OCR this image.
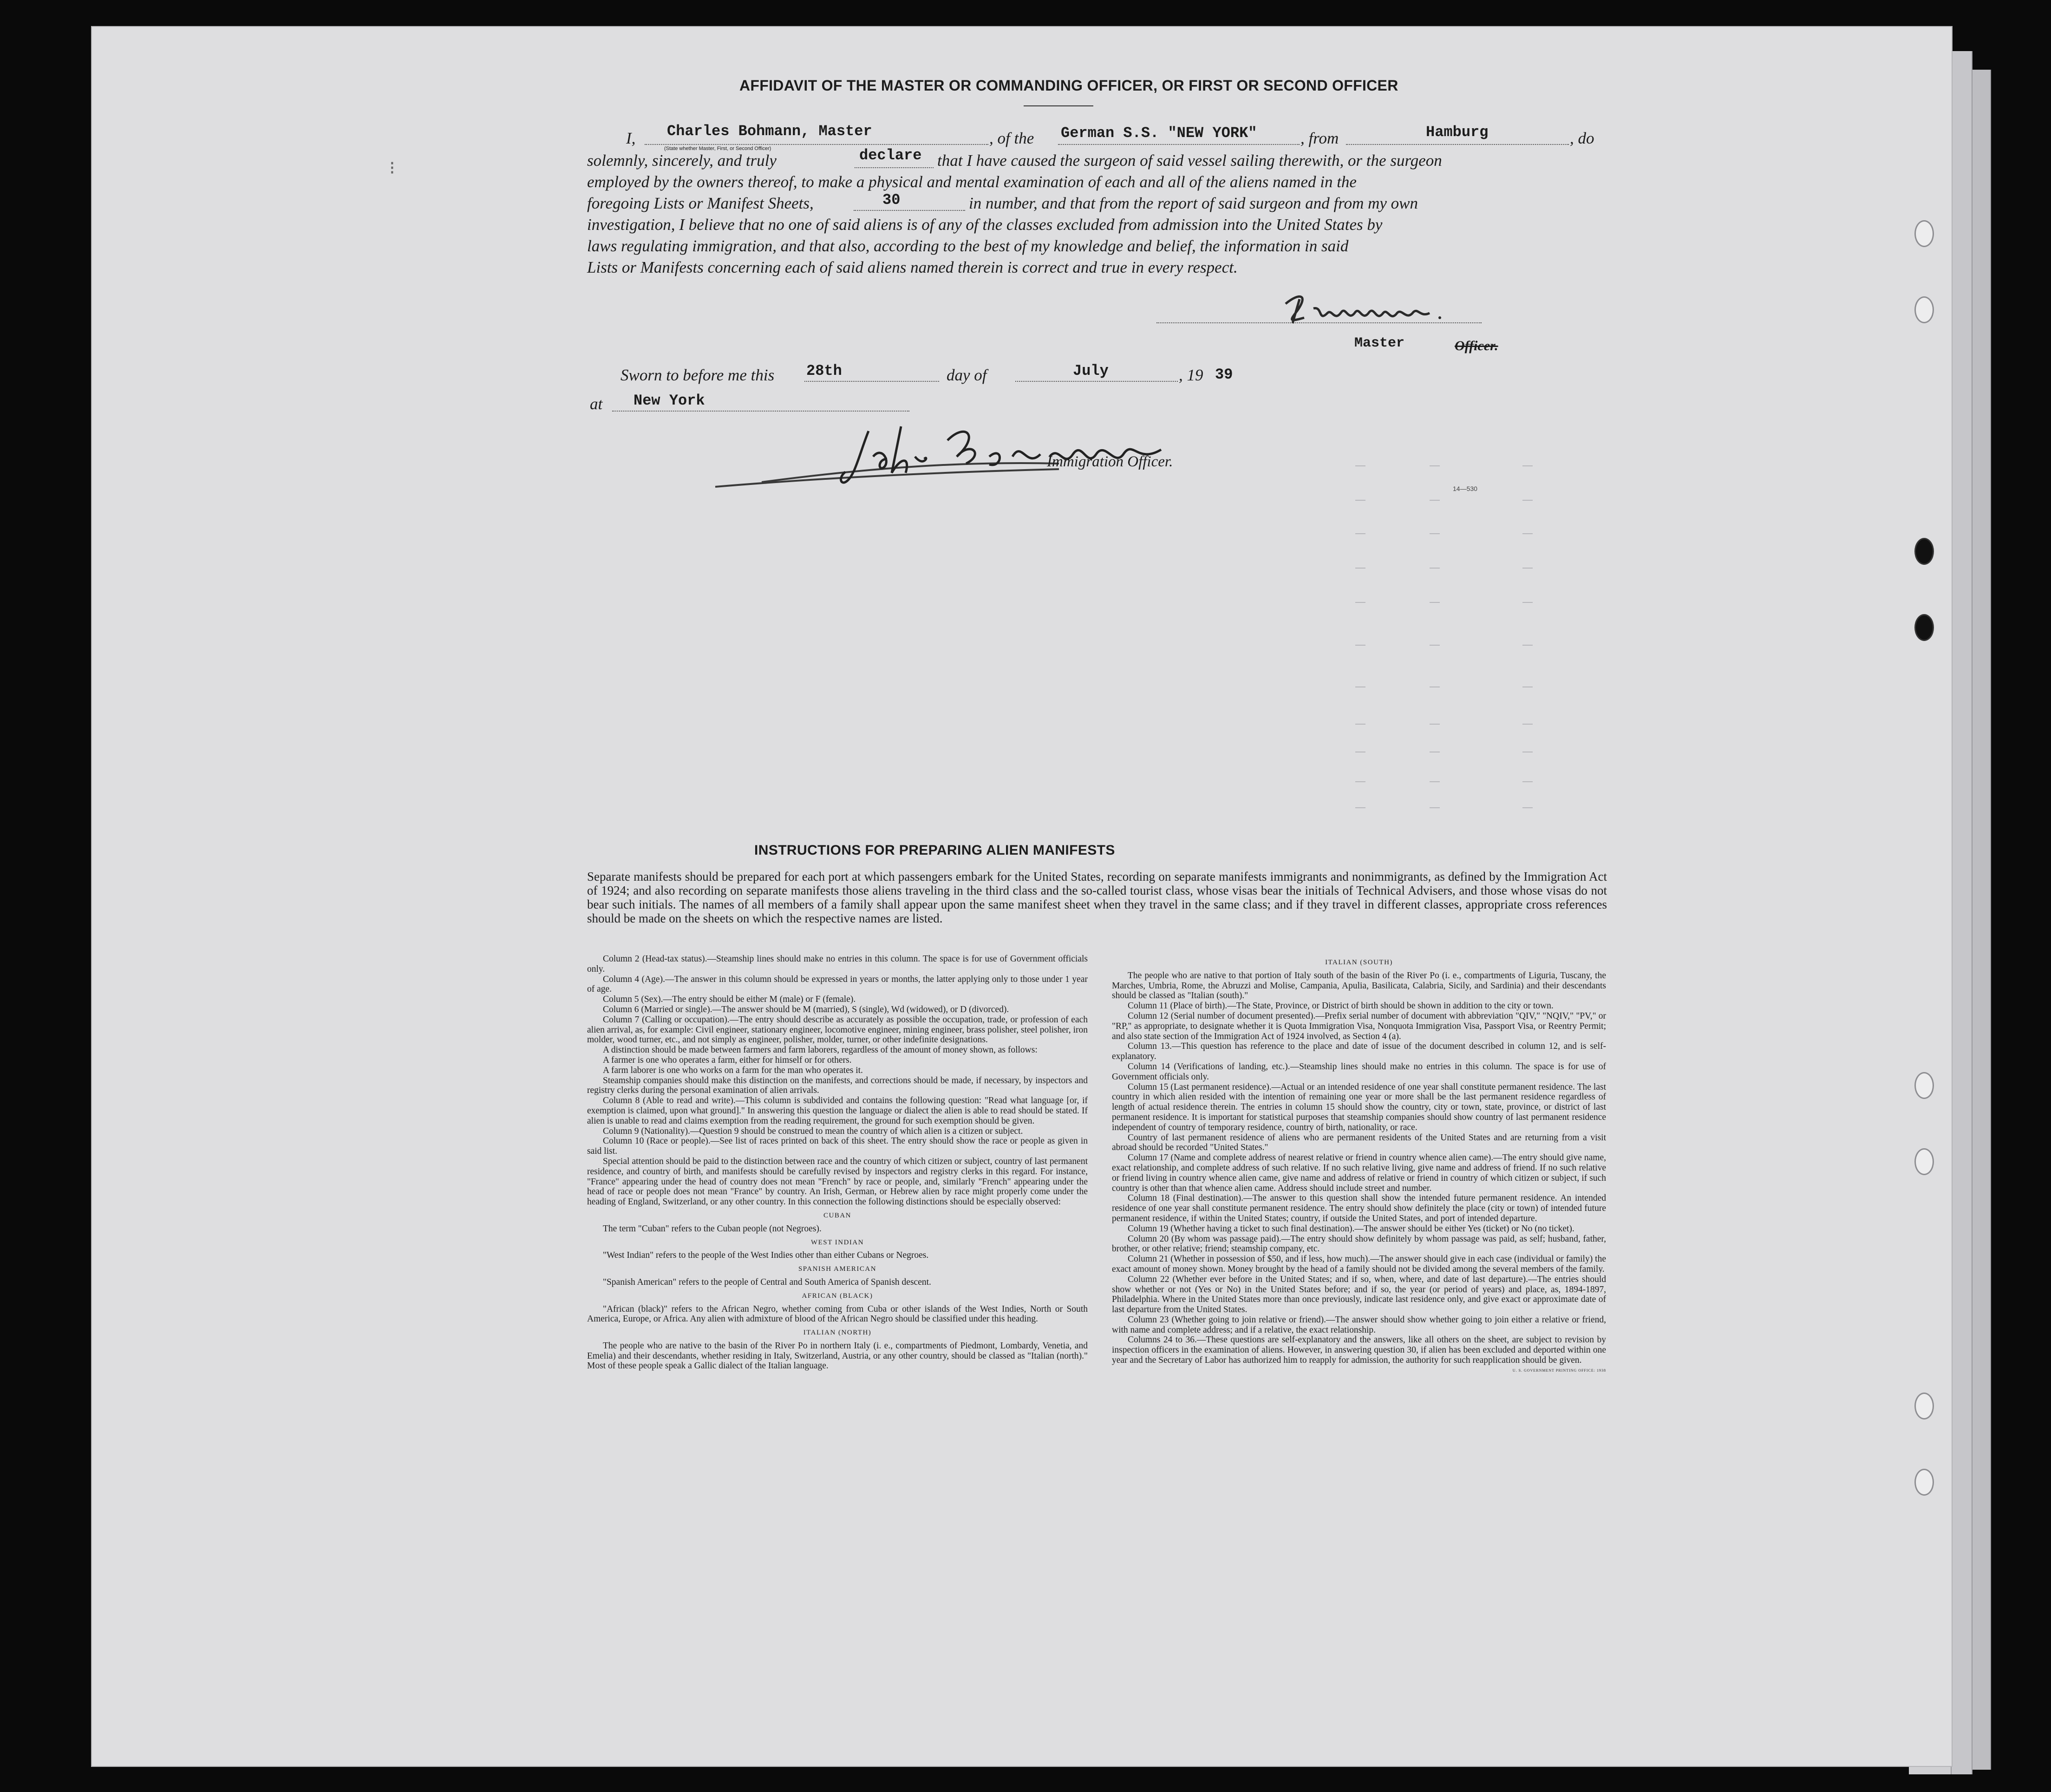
⁝
AFFIDAVIT OF THE MASTER OR COMMANDING OFFICER, OR FIRST OR SECOND OFFICER
I, Charles Bohmann, Master	, of the German S.S. "NEW YORK"	, from	Hamburg	, do
(State whether Master, First, or Second Officer)
solemnly, sincerely, and truly	declare that I have caused the surgeon of said vessel sailing therewith, or the surgeon
employed by the owners thereof, to make a physical and mental examination of each and all of the aliens named in the
foregoing Lists or Manifest Sheets,	30	in number, and that from the report of said surgeon and from my own
investigation, I believe that no one of said aliens is of any of the classes excluded from admission into the United States by
laws regulating immigration, and that also, according to the best of my knowledge and belief, the information in said
Lists or Manifests concerning each of said aliens named therein is correct and true in every respect.
Master	Officer.
Sworn to before me this 28th	day of	July	, 19 39
at New York
Immigration Officer.
14—530
INSTRUCTIONS FOR PREPARING ALIEN MANIFESTS
Separate manifests should be prepared for each port at which passengers embark for the United States, recording on separate manifests immigrants and nonimmigrants, as defined by the Immigration Act of 1924; and also recording on separate manifests those aliens traveling in the third class and the so-called tourist class, whose visas bear the initials of Technical Advisers, and those whose visas do not bear such initials. The names of all members of a family shall appear upon the same manifest sheet when they travel in the same class; and if they travel in different classes, appropriate cross references should be made on the sheets on which the respective names are listed.

Column 2 (Head-tax status).—Steamship lines should make no entries in this column. The space is for use of Government officials only.

Column 4 (Age).—The answer in this column should be expressed in years or months, the latter applying only to those under 1 year of age.

Column 5 (Sex).—The entry should be either M (male) or F (female).

Column 6 (Married or single).—The answer should be M (married), S (single), Wd (widowed), or D (divorced).

Column 7 (Calling or occupation).—The entry should describe as accurately as possible the occupation, trade, or profession of each alien arrival, as, for example: Civil engineer, stationary engineer, locomotive engineer, mining engineer, brass polisher, steel polisher, iron molder, wood turner, etc., and not simply as engineer, polisher, molder, turner, or other indefinite designations.

A distinction should be made between farmers and farm laborers, regardless of the amount of money shown, as follows:

A farmer is one who operates a farm, either for himself or for others.

A farm laborer is one who works on a farm for the man who operates it.

Steamship companies should make this distinction on the manifests, and corrections should be made, if necessary, by inspectors and registry clerks during the personal examination of alien arrivals.

Column 8 (Able to read and write).—This column is subdivided and contains the following question: "Read what language [or, if exemption is claimed, upon what ground]." In answering this question the language or dialect the alien is able to read should be stated. If alien is unable to read and claims exemption from the reading requirement, the ground for such exemption should be given.

Column 9 (Nationality).—Question 9 should be construed to mean the country of which alien is a citizen or subject.

Column 10 (Race or people).—See list of races printed on back of this sheet. The entry should show the race or people as given in said list.

Special attention should be paid to the distinction between race and the country of which citizen or subject, country of last permanent residence, and country of birth, and manifests should be carefully revised by inspectors and registry clerks in this regard. For instance, "France" appearing under the head of country does not mean "French" by race or people, and, similarly "French" appearing under the head of race or people does not mean "France" by country. An Irish, German, or Hebrew alien by race might properly come under the heading of England, Switzerland, or any other country. In this connection the following distinctions should be especially observed:

CUBAN

The term "Cuban" refers to the Cuban people (not Negroes).

WEST INDIAN

"West Indian" refers to the people of the West Indies other than either Cubans or Negroes.

SPANISH AMERICAN

"Spanish American" refers to the people of Central and South America of Spanish descent.

AFRICAN (BLACK)

"African (black)" refers to the African Negro, whether coming from Cuba or other islands of the West Indies, North or South America, Europe, or Africa. Any alien with admixture of blood of the African Negro should be classified under this heading.

ITALIAN (NORTH)

The people who are native to the basin of the River Po in northern Italy (i. e., compartments of Piedmont, Lombardy, Venetia, and Emelia) and their descendants, whether residing in Italy, Switzerland, Austria, or any other country, should be classed as "Italian (north)." Most of these people speak a Gallic dialect of the Italian language.

ITALIAN (SOUTH)

The people who are native to that portion of Italy south of the basin of the River Po (i. e., compartments of Liguria, Tuscany, the Marches, Umbria, Rome, the Abruzzi and Molise, Campania, Apulia, Basilicata, Calabria, Sicily, and Sardinia) and their descendants should be classed as "Italian (south)."

Column 11 (Place of birth).—The State, Province, or District of birth should be shown in addition to the city or town.

Column 12 (Serial number of document presented).—Prefix serial number of document with abbreviation "QIV," "NQIV," "PV," or "RP," as appropriate, to designate whether it is Quota Immigration Visa, Nonquota Immigration Visa, Passport Visa, or Reentry Permit; and also state section of the Immigration Act of 1924 involved, as Section 4 (a).

Column 13.—This question has reference to the place and date of issue of the document described in column 12, and is self-explanatory.

Column 14 (Verifications of landing, etc.).—Steamship lines should make no entries in this column. The space is for use of Government officials only.

Column 15 (Last permanent residence).—Actual or an intended residence of one year shall constitute permanent residence. The last country in which alien resided with the intention of remaining one year or more shall be the last permanent residence regardless of length of actual residence therein. The entries in column 15 should show the country, city or town, state, province, or district of last permanent residence. It is important for statistical purposes that steamship companies should show country of last permanent residence independent of country of temporary residence, country of birth, nationality, or race.

Country of last permanent residence of aliens who are permanent residents of the United States and are returning from a visit abroad should be recorded "United States."

Column 17 (Name and complete address of nearest relative or friend in country whence alien came).—The entry should give name, exact relationship, and complete address of such relative. If no such relative living, give name and address of friend. If no such relative or friend living in country whence alien came, give name and address of relative or friend in country of which citizen or subject, if such country is other than that whence alien came. Address should include street and number.

Column 18 (Final destination).—The answer to this question shall show the intended future permanent residence. An intended residence of one year shall constitute permanent residence. The entry should show definitely the place (city or town) of intended future permanent residence, if within the United States; country, if outside the United States, and port of intended departure.

Column 19 (Whether having a ticket to such final destination).—The answer should be either Yes (ticket) or No (no ticket).

Column 20 (By whom was passage paid).—The entry should show definitely by whom passage was paid, as self; husband, father, brother, or other relative; friend; steamship company, etc.

Column 21 (Whether in possession of $50, and if less, how much).—The answer should give in each case (individual or family) the exact amount of money shown. Money brought by the head of a family should not be divided among the several members of the family.

Column 22 (Whether ever before in the United States; and if so, when, where, and date of last departure).—The entries should show whether or not (Yes or No) in the United States before; and if so, the year (or period of years) and place, as, 1894-1897, Philadelphia. Where in the United States more than once previously, indicate last residence only, and give exact or approximate date of last departure from the United States.

Column 23 (Whether going to join relative or friend).—The answer should show whether going to join either a relative or friend, with name and complete address; and if a relative, the exact relationship.

Columns 24 to 36.—These questions are self-explanatory and the answers, like all others on the sheet, are subject to revision by inspection officers in the examination of aliens. However, in answering question 30, if alien has been excluded and deported within one year and the Secretary of Labor has authorized him to reapply for admission, the authority for such reapplication should be given.

U. S. GOVERNMENT PRINTING OFFICE: 1938
